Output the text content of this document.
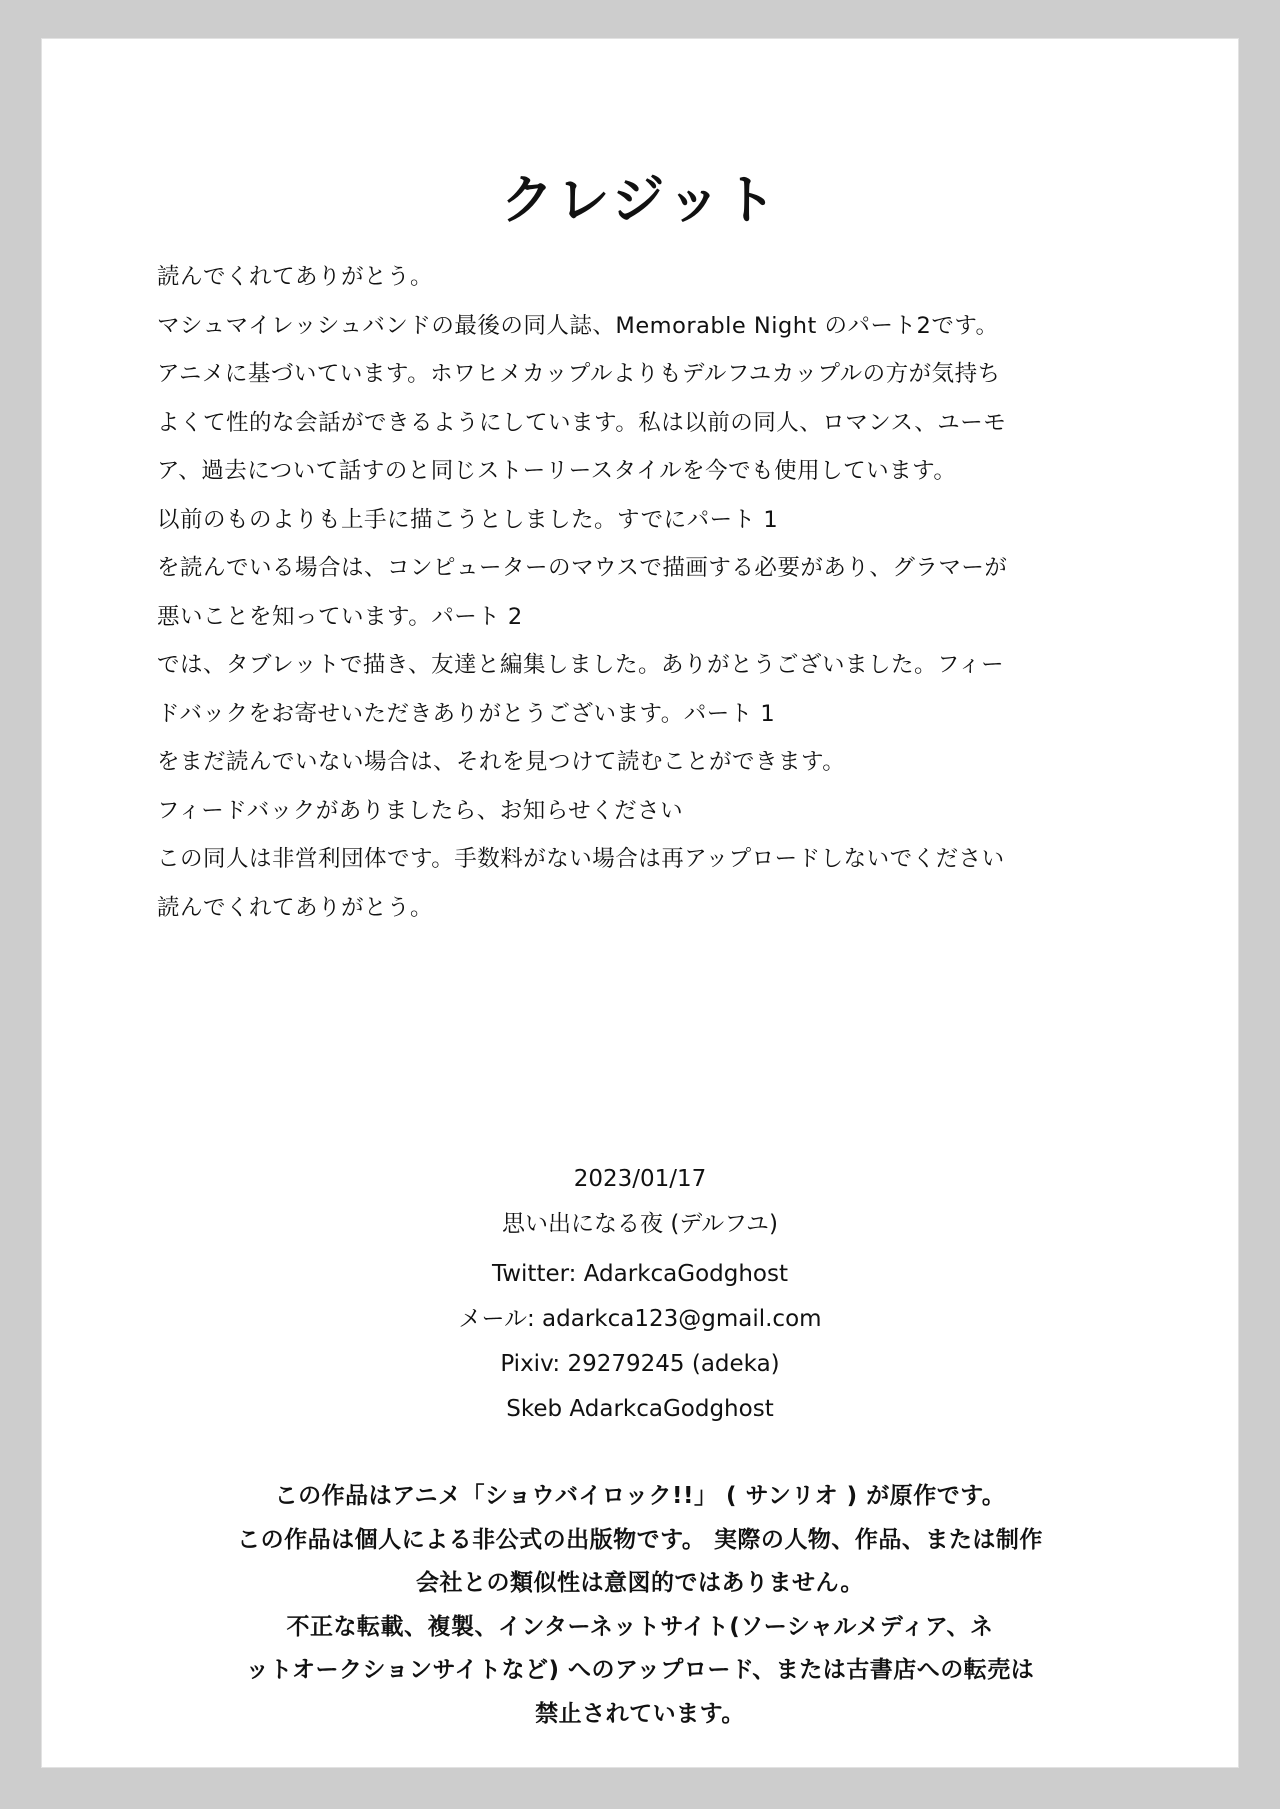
クレジット
読んでくれてありがとう。
マシュマイレッシュバンドの最後の同人誌、Memorable Night のパート2です。
アニメに基づいています。ホワヒメカップルよりもデルフユカップルの方が気持ち
よくて性的な会話ができるようにしています。私は以前の同人、ロマンス、ユーモ
ア、過去について話すのと同じストーリースタイルを今でも使用しています。
以前のものよりも上手に描こうとしました。すでにパート 1
を読んでいる場合は、コンピューターのマウスで描画する必要があり、グラマーが
悪いことを知っています。パート 2
では、タブレットで描き、友達と編集しました。ありがとうございました。フィー
ドバックをお寄せいただきありがとうございます。パート 1
をまだ読んでいない場合は、それを見つけて読むことができます。
フィードバックがありましたら、お知らせください
この同人は非営利団体です。手数料がない場合は再アップロードしないでください
読んでくれてありがとう。
2023/01/17
思い出になる夜 (デルフユ)
Twitter: AdarkcaGodghost
メール: adarkca123@gmail.com
Pixiv: 29279245 (adeka)
Skeb AdarkcaGodghost
この作品はアニメ「ショウバイロック!!」 ( サンリオ ) が原作です。
この作品は個人による非公式の出版物です。 実際の人物、作品、または制作
会社との類似性は意図的ではありません。
不正な転載、複製、インターネットサイト(ソーシャルメディア、ネ
ットオークションサイトなど) へのアップロード、または古書店への転売は
禁止されています。
